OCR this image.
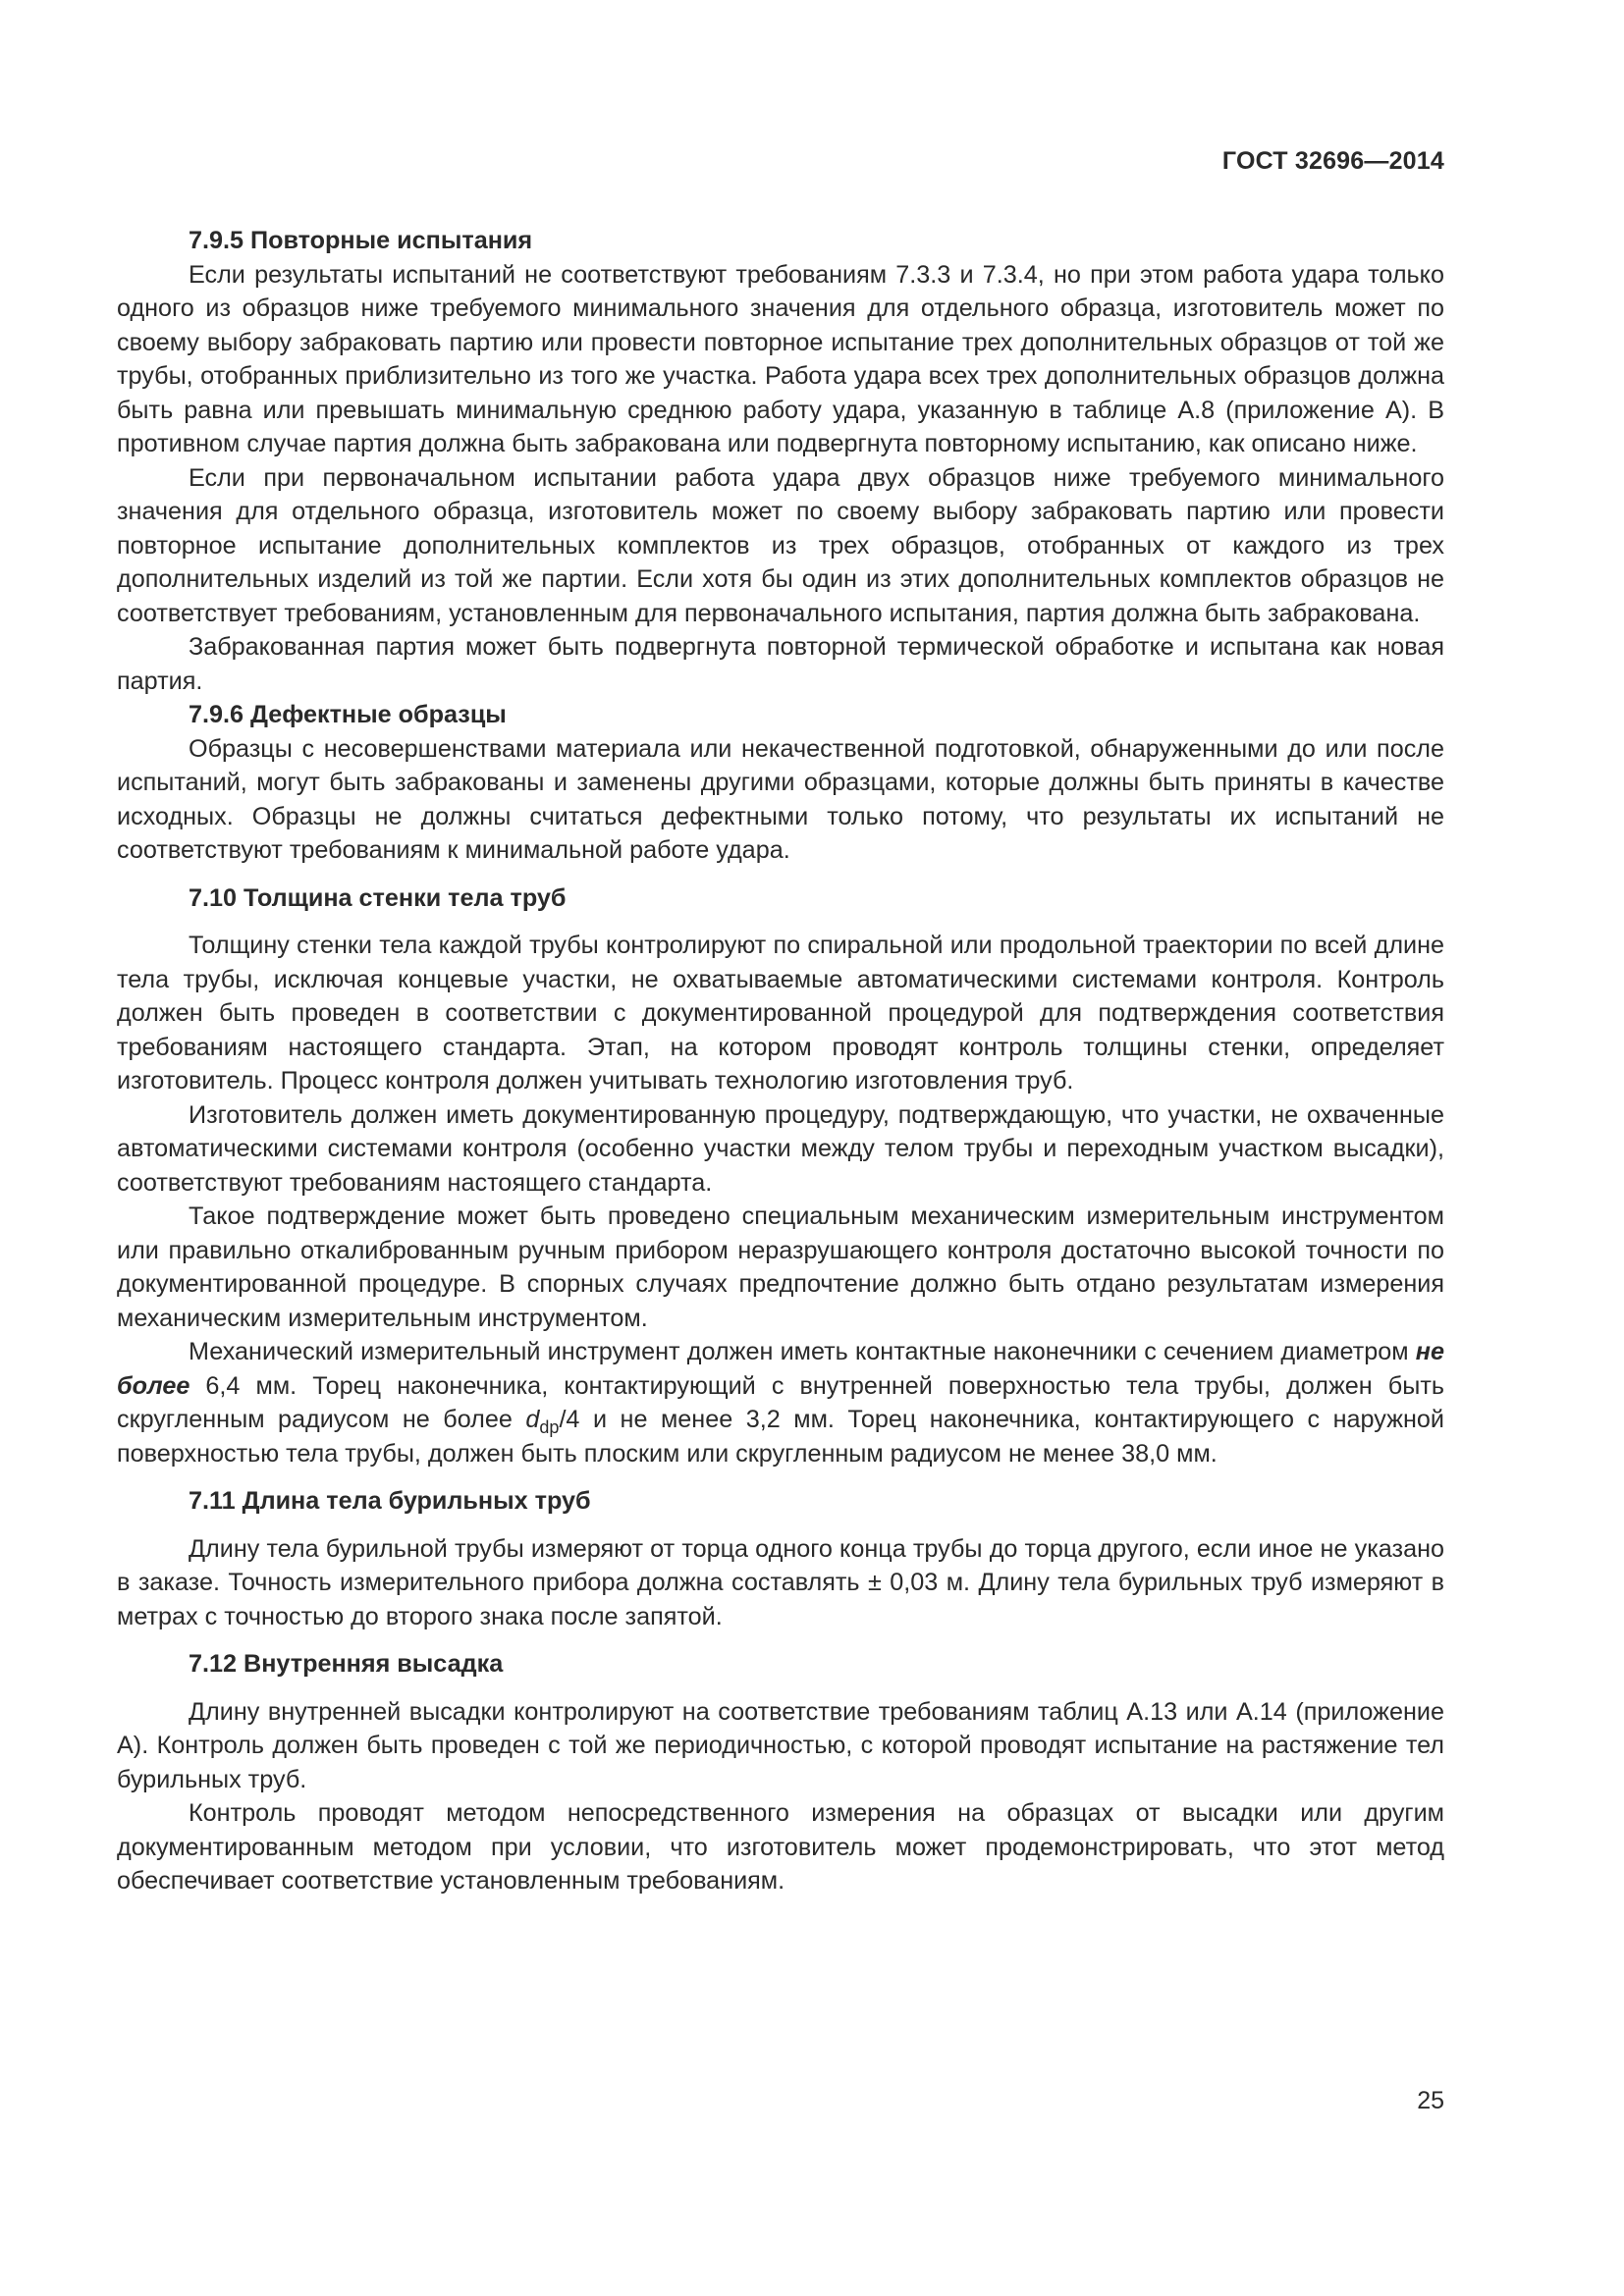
ГОСТ 32696—2014
7.9.5 Повторные испытания

Если результаты испытаний не соответствуют требованиям 7.3.3 и 7.3.4, но при этом работа удара только одного из образцов ниже требуемого минимального значения для отдельного образца, изготовитель может по своему выбору забраковать партию или провести повторное испытание трех дополнительных образцов от той же трубы, отобранных приблизительно из того же участка. Работа удара всех трех дополнительных образцов должна быть равна или превышать минимальную среднюю работу удара, указанную в таблице А.8 (приложение А). В противном случае партия должна быть забракована или подвергнута повторному испытанию, как описано ниже.

Если при первоначальном испытании работа удара двух образцов ниже требуемого минимального значения для отдельного образца, изготовитель может по своему выбору забраковать партию или провести повторное испытание дополнительных комплектов из трех образцов, отобранных от каждого из трех дополнительных изделий из той же партии. Если хотя бы один из этих дополнительных комплектов образцов не соответствует требованиям, установленным для первоначального испытания, партия должна быть забракована.

Забракованная партия может быть подвергнута повторной термической обработке и испытана как новая партия.

7.9.6 Дефектные образцы

Образцы с несовершенствами материала или некачественной подготовкой, обнаруженными до или после испытаний, могут быть забракованы и заменены другими образцами, которые должны быть приняты в качестве исходных. Образцы не должны считаться дефектными только потому, что результаты их испытаний не соответствуют требованиям к минимальной работе удара.

7.10 Толщина стенки тела труб

Толщину стенки тела каждой трубы контролируют по спиральной или продольной траектории по всей длине тела трубы, исключая концевые участки, не охватываемые автоматическими системами контроля. Контроль должен быть проведен в соответствии с документированной процедурой для подтверждения соответствия требованиям настоящего стандарта. Этап, на котором проводят контроль толщины стенки, определяет изготовитель. Процесс контроля должен учитывать технологию изготовления труб.

Изготовитель должен иметь документированную процедуру, подтверждающую, что участки, не охваченные автоматическими системами контроля (особенно участки между телом трубы и переходным участком высадки), соответствуют требованиям настоящего стандарта.

Такое подтверждение может быть проведено специальным механическим измерительным инструментом или правильно откалиброванным ручным прибором неразрушающего контроля достаточно высокой точности по документированной процедуре. В спорных случаях предпочтение должно быть отдано результатам измерения механическим измерительным инструментом.

Механический измерительный инструмент должен иметь контактные наконечники с сечением диаметром не более 6,4 мм. Торец наконечника, контактирующий с внутренней поверхностью тела трубы, должен быть скругленным радиусом не более $d_{dp}/4$ и не менее 3,2 мм. Торец наконечника, контактирующего с наружной поверхностью тела трубы, должен быть плоским или скругленным радиусом не менее 38,0 мм.

7.11 Длина тела бурильных труб

Длину тела бурильной трубы измеряют от торца одного конца трубы до торца другого, если иное не указано в заказе. Точность измерительного прибора должна составлять ± 0,03 м. Длину тела бурильных труб измеряют в метрах с точностью до второго знака после запятой.

7.12 Внутренняя высадка

Длину внутренней высадки контролируют на соответствие требованиям таблиц А.13 или А.14 (приложение А). Контроль должен быть проведен с той же периодичностью, с которой проводят испытание на растяжение тел бурильных труб.

Контроль проводят методом непосредственного измерения на образцах от высадки или другим документированным методом при условии, что изготовитель может продемонстрировать, что этот метод обеспечивает соответствие установленным требованиям.

25
